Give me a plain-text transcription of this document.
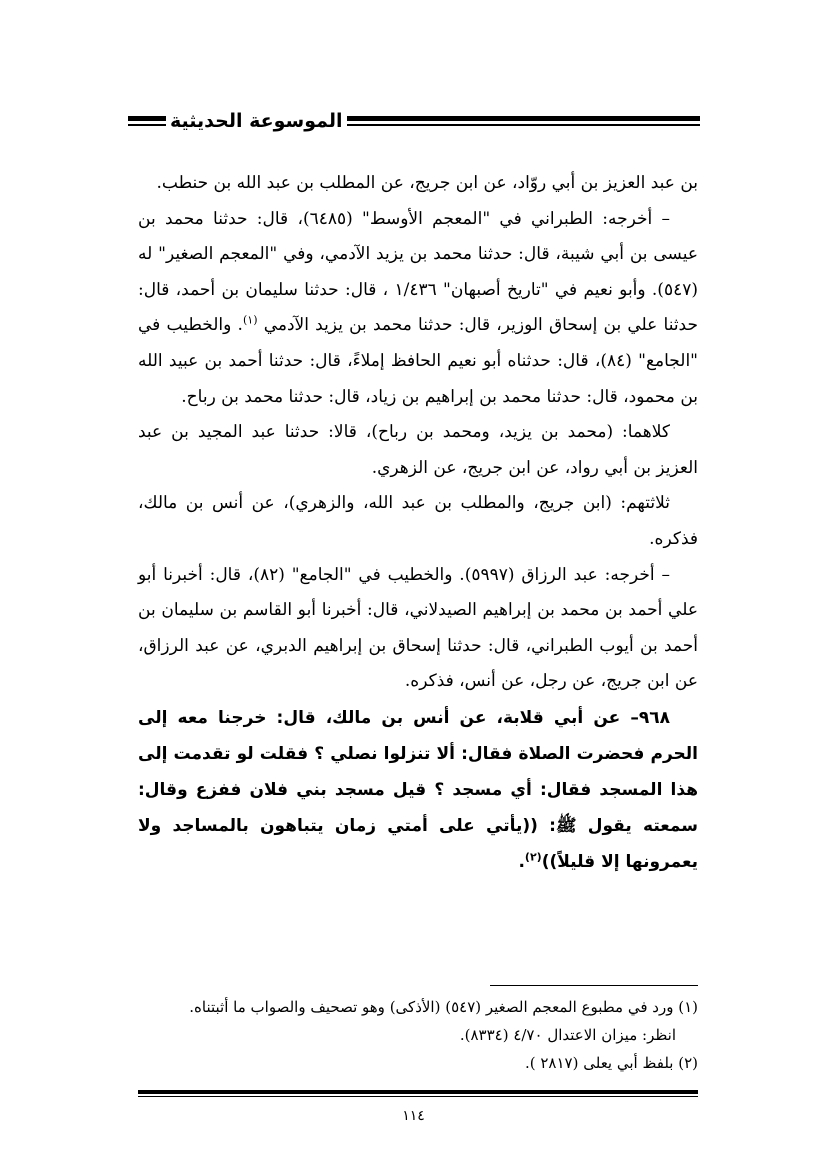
الموسوعة الحديثية

بن عبد العزيز بن أبي روّاد، عن ابن جريج، عن المطلب بن عبد الله بن حنطب.

– أخرجه: الطبراني في "المعجم الأوسط" (٦٤٨٥)، قال: حدثنا محمد بن عيسى بن أبي شيبة، قال: حدثنا محمد بن يزيد الآدمي، وفي "المعجم الصغير" له (٥٤٧). وأبو نعيم في "تاريخ أصبهان" ١/٤٣٦ ، قال: حدثنا سليمان بن أحمد، قال: حدثنا علي بن إسحاق الوزير، قال: حدثنا محمد بن يزيد الآدمي $^{(١)}$. والخطيب في "الجامع" (٨٤)، قال: حدثناه أبو نعيم الحافظ إملاءً، قال: حدثنا أحمد بن عبيد الله بن محمود، قال: حدثنا محمد بن إبراهيم بن زياد، قال: حدثنا محمد بن رباح.

كلاهما: (محمد بن يزيد، ومحمد بن رباح)، قالا: حدثنا عبد المجيد بن عبد العزيز بن أبي رواد، عن ابن جريج، عن الزهري.

ثلاثتهم: (ابن جريج، والمطلب بن عبد الله، والزهري)، عن أنس بن مالك، فذكره.

– أخرجه: عبد الرزاق (٥٩٩٧). والخطيب في "الجامع" (٨٢)، قال: أخبرنا أبو علي أحمد بن محمد بن إبراهيم الصيدلاني، قال: أخبرنا أبو القاسم بن سليمان بن أحمد بن أيوب الطبراني، قال: حدثنا إسحاق بن إبراهيم الدبري، عن عبد الرزاق، عن ابن جريج، عن رجل، عن أنس، فذكره.

٩٦٨– عن أبي قلابة، عن أنس بن مالك، قال: خرجنا معه إلى الحرم فحضرت الصلاة فقال: ألا تنزلوا نصلي ؟ فقلت لو تقدمت إلى هذا المسجد فقال: أي مسجد ؟ قيل مسجد بني فلان ففزع وقال: سمعته يقول ﷺ: ((يأتي على أمتي زمان يتباهون بالمساجد ولا يعمرونها إلا قليلاً))$^{(٢)}$.

(١) ورد في مطبوع المعجم الصغير (٥٤٧) (الأذكى) وهو تصحيف والصواب ما أثبتناه.

انظر: ميزان الاعتدال ٤/٧٠ (٨٣٣٤).

(٢) بلفظ أبي يعلى (٢٨١٧ ).

١١٤
